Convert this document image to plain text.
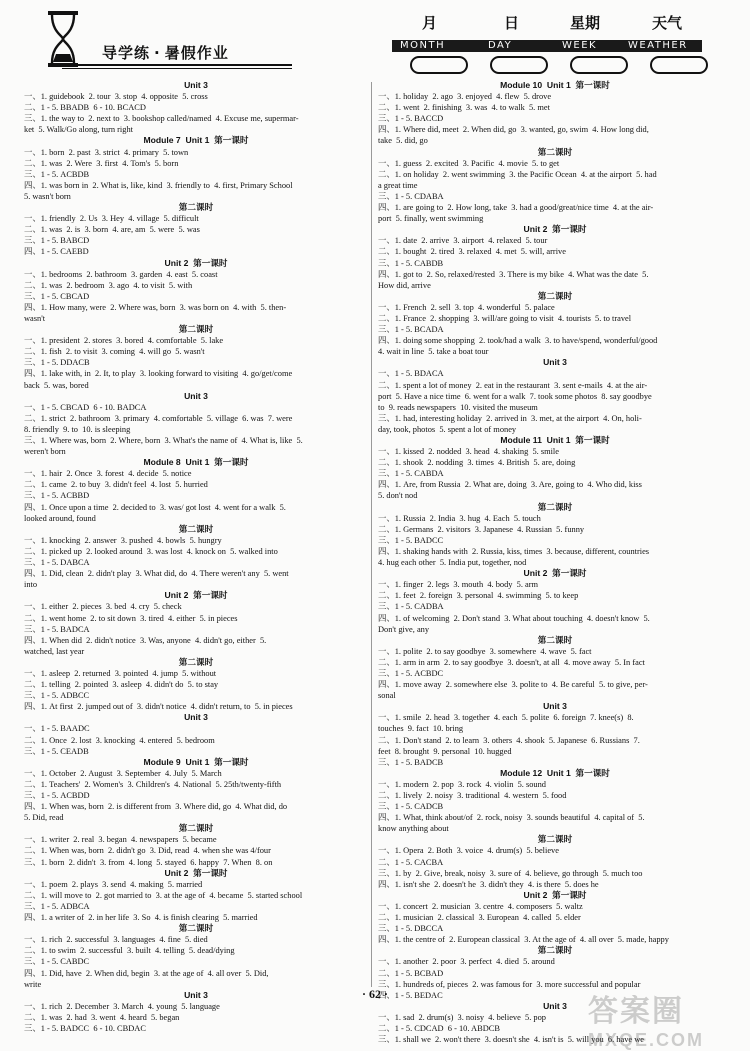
导学练 · 暑假作业
月	日	星期	天气
MONTH	DAY	WEEK	WEATHER
Unit 3
一、1. guidebook  2. tour  3. stop  4. opposite  5. cross
二、1 - 5. BBADB  6 - 10. BCACD
三、1. the way to  2. next to  3. bookshop called/named  4. Excuse me, supermar-
ket  5. Walk/Go along, turn right
Module 7  Unit 1  第一课时
一、1. born  2. past  3. strict  4. primary  5. town
二、1. was  2. Were  3. first  4. Tom's  5. born
三、1 - 5. ACBDB
四、1. was born in  2. What is, like, kind  3. friendly to  4. first, Primary School
5. wasn't born
第二课时
一、1. friendly  2. Us  3. Hey  4. village  5. difficult
二、1. was  2. is  3. born  4. are, am  5. were  5. was
三、1 - 5. BABCD
四、1 - 5. CAEBD
Unit 2  第一课时
一、1. bedrooms  2. bathroom  3. garden  4. east  5. coast
二、1. was  2. bedroom  3. ago  4. to visit  5. with
三、1 - 5. CBCAD
四、1. How many, were  2. Where was, born  3. was born on  4. with  5. then-
wasn't
第二课时
一、1. president  2. stores  3. bored  4. comfortable  5. lake
二、1. fish  2. to visit  3. coming  4. will go  5. wasn't
三、1 - 5. DDACB
四、1. lake with, in  2. It, to play  3. looking forward to visiting  4. go/get/come
back  5. was, bored
Unit 3
一、1 - 5. CBCAD  6 - 10. BADCA
二、1. strict  2. bathroom  3. primary  4. comfortable  5. village  6. was  7. were
8. friendly  9. to  10. is sleeping
三、1. Where was, born  2. Where, born  3. What's the name of  4. What is, like  5.
weren't born
Module 8  Unit 1  第一课时
一、1. hair  2. Once  3. forest  4. decide  5. notice
二、1. came  2. to buy  3. didn't feel  4. lost  5. hurried
三、1 - 5. ACBBD
四、1. Once upon a time  2. decided to  3. was/ got lost  4. went for a walk  5.
looked around, found
第二课时
一、1. knocking  2. answer  3. pushed  4. bowls  5. hungry
二、1. picked up  2. looked around  3. was lost  4. knock on  5. walked into
三、1 - 5. DABCA
四、1. Did, clean  2. didn't play  3. What did, do  4. There weren't any  5. went
into
Unit 2  第一课时
一、1. either  2. pieces  3. bed  4. cry  5. check
二、1. went home  2. to sit down  3. tired  4. either  5. in pieces
三、1 - 5. BADCA
四、1. When did  2. didn't notice  3. Was, anyone  4. didn't go, either  5.
watched, last year
第二课时
一、1. asleep  2. returned  3. pointed  4. jump  5. without
二、1. telling  2. pointed  3. asleep  4. didn't do  5. to stay
三、1 - 5. ADBCC
四、1. At first  2. jumped out of  3. didn't notice  4. didn't return, to  5. in pieces
Unit 3
一、1 - 5. BAADC
二、1. Once  2. lost  3. knocking  4. entered  5. bedroom
三、1 - 5. CEADB
Module 9  Unit 1  第一课时
一、1. October  2. August  3. September  4. July  5. March
二、1. Teachers'  2. Women's  3. Children's  4. National  5. 25th/twenty-fifth
三、1 - 5. ACBDD
四、1. When was, born  2. is different from  3. Where did, go  4. What did, do
5. Did, read
第二课时
一、1. writer  2. real  3. began  4. newspapers  5. became
二、1. When was, born  2. didn't go  3. Did, read  4. when she was 4/four
三、1. born  2. didn't  3. from  4. long  5. stayed  6. happy  7. When  8. on
Unit 2  第一课时
一、1. poem  2. plays  3. send  4. making  5. married
二、1. will move to  2. got married to  3. at the age of  4. became  5. started school
三、1 - 5. ADBCA
四、1. a writer of  2. in her life  3. So  4. is finish clearing  5. married
第二课时
一、1. rich  2. successful  3. languages  4. fine  5. died
二、1. to swim  2. successful  3. built  4. telling  5. dead/dying
三、1 - 5. CABDC
四、1. Did, have  2. When did, begin  3. at the age of  4. all over  5. Did,
write
Unit 3
一、1. rich  2. December  3. March  4. young  5. language
二、1. was  2. had  3. went  4. heard  5. began
三、1 - 5. BADCC  6 - 10. CBDAC
Module 10  Unit 1  第一课时
一、1. holiday  2. ago  3. enjoyed  4. flew  5. drove
二、1. went  2. finishing  3. was  4. to walk  5. met
三、1 - 5. BACCD
四、1. Where did, meet  2. When did, go  3. wanted, go, swim  4. How long did,
take  5. did, go
第二课时
一、1. guess  2. excited  3. Pacific  4. movie  5. to get
二、1. on holiday  2. went swimming  3. the Pacific Ocean  4. at the airport  5. had
a great time
三、1 - 5. CDABA
四、1. are going to  2. How long, take  3. had a good/great/nice time  4. at the air-
port  5. finally, went swimming
Unit 2  第一课时
一、1. date  2. arrive  3. airport  4. relaxed  5. tour
二、1. bought  2. tired  3. relaxed  4. met  5. will, arrive
三、1 - 5. CABDB
四、1. got to  2. So, relaxed/rested  3. There is my bike  4. What was the date  5.
How did, arrive
第二课时
一、1. French  2. sell  3. top  4. wonderful  5. palace
二、1. France  2. shopping  3. will/are going to visit  4. tourists  5. to travel
三、1 - 5. BCADA
四、1. doing some shopping  2. took/had a walk  3. to have/spend, wonderful/good
4. wait in line  5. take a boat tour
Unit 3
一、1 - 5. BDACA
二、1. spent a lot of money  2. eat in the restaurant  3. sent e-mails  4. at the air-
port  5. Have a nice time  6. went for a walk  7. took some photos  8. say goodbye
to  9. reads newspapers  10. visited the museum
三、1. had, interesting holiday  2. arrived in  3. met, at the airport  4. On, holi-
day, took, photos  5. spent a lot of money
Module 11  Unit 1  第一课时
一、1. kissed  2. nodded  3. head  4. shaking  5. smile
二、1. shook  2. nodding  3. times  4. British  5. are, doing
三、1 - 5. CABDA
四、1. Are, from Russia  2. What are, doing  3. Are, going to  4. Who did, kiss
5. don't nod
第二课时
一、1. Russia  2. India  3. hug  4. Each  5. touch
二、1. Germans  2. visitors  3. Japanese  4. Russian  5. funny
三、1 - 5. BADCC
四、1. shaking hands with  2. Russia, kiss, times  3. because, different, countries
4. hug each other  5. India put, together, nod
Unit 2  第一课时
一、1. finger  2. legs  3. mouth  4. body  5. arm
二、1. feet  2. foreign  3. personal  4. swimming  5. to keep
三、1 - 5. CADBA
四、1. of welcoming  2. Don't stand  3. What about touching  4. doesn't know  5.
Don't give, any
第二课时
一、1. polite  2. to say goodbye  3. somewhere  4. wave  5. fact
二、1. arm in arm  2. to say goodbye  3. doesn't, at all  4. move away  5. In fact
三、1 - 5. ACBDC
四、1. move away  2. somewhere else  3. polite to  4. Be careful  5. to give, per-
sonal
Unit 3
一、1. smile  2. head  3. together  4. each  5. polite  6. foreign  7. knee(s)  8.
touches  9. fact  10. bring
二、1. Don't stand  2. to learn  3. others  4. shook  5. Japanese  6. Russians  7.
feet  8. brought  9. personal  10. hugged
三、1 - 5. BADCB
Module 12  Unit 1  第一课时
一、1. modern  2. pop  3. rock  4. violin  5. sound
二、1. lively  2. noisy  3. traditional  4. western  5. food
三、1 - 5. CADCB
四、1. What, think about/of  2. rock, noisy  3. sounds beautiful  4. capital of  5.
know anything about
第二课时
一、1. Opera  2. Both  3. voice  4. drum(s)  5. believe
二、1 - 5. CACBA
三、1. by  2. Give, break, noisy  3. sure of  4. believe, go through  5. much too
四、1. isn't she  2. doesn't he  3. didn't they  4. is there  5. does he
Unit 2  第一课时
一、1. concert  2. musician  3. centre  4. composers  5. waltz
二、1. musician  2. classical  3. European  4. called  5. elder
三、1 - 5. DBCCA
四、1. the centre of  2. European classical  3. At the age of  4. all over  5. made, happy
第二课时
一、1. another  2. poor  3. perfect  4. died  5. around
二、1 - 5. BCBAD
三、1. hundreds of, pieces  2. was famous for  3. more successful and popular
四、1 - 5. BEDAC
Unit 3
一、1. sad  2. drum(s)  3. noisy  4. believe  5. pop
二、1 - 5. CDCAD  6 - 10. ABDCB
三、1. shall we  2. won't there  3. doesn't she  4. isn't is  5. will you  6. have we
· 62 ·
答案圈
MXQE.COM
